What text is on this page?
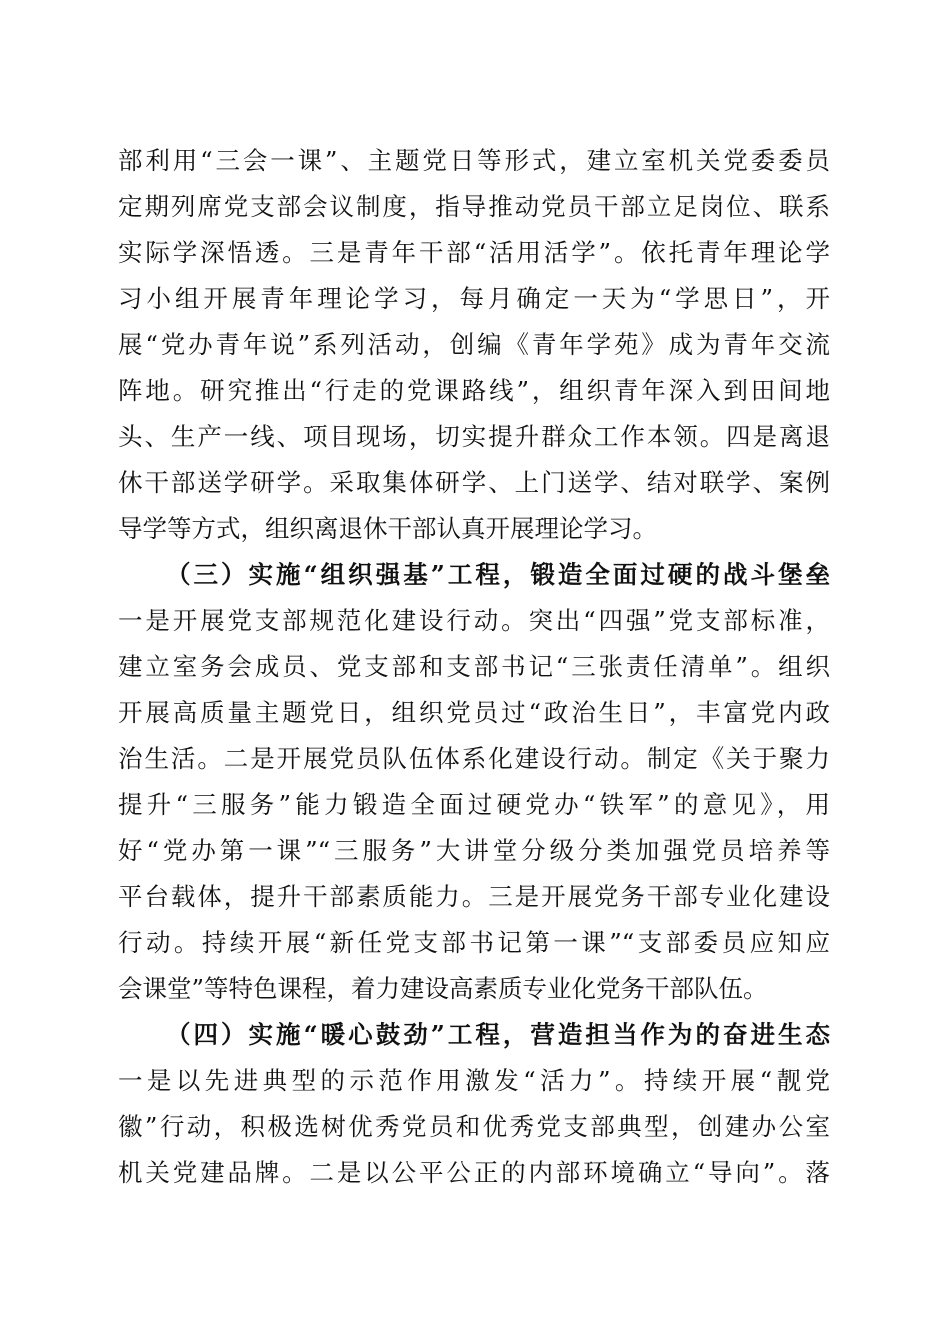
部利用“三会一课”、主题党日等形式，建立室机关党委委员
定期列席党支部会议制度，指导推动党员干部立足岗位、联系
实际学深悟透。三是青年干部“活用活学”。依托青年理论学
习小组开展青年理论学习，每月确定一天为“学思日”，开
展“党办青年说”系列活动，创编《青年学苑》成为青年交流
阵地。研究推出“行走的党课路线”，组织青年深入到田间地
头、生产一线、项目现场，切实提升群众工作本领。四是离退
休干部送学研学。采取集体研学、上门送学、结对联学、案例
导学等方式，组织离退休干部认真开展理论学习。
（三）实施“组织强基”工程，锻造全面过硬的战斗堡垒
一是开展党支部规范化建设行动。突出“四强”党支部标准，
建立室务会成员、党支部和支部书记“三张责任清单”。组织
开展高质量主题党日，组织党员过“政治生日”，丰富党内政
治生活。二是开展党员队伍体系化建设行动。制定《关于聚力
提升“三服务”能力锻造全面过硬党办“铁军”的意见》，用
好“党办第一课”“三服务”大讲堂分级分类加强党员培养等
平台载体，提升干部素质能力。三是开展党务干部专业化建设
行动。持续开展“新任党支部书记第一课”“支部委员应知应
会课堂”等特色课程，着力建设高素质专业化党务干部队伍。
（四）实施“暖心鼓劲”工程，营造担当作为的奋进生态
一是以先进典型的示范作用激发“活力”。持续开展“靓党
徽”行动，积极选树优秀党员和优秀党支部典型，创建办公室
机关党建品牌。二是以公平公正的内部环境确立“导向”。落
